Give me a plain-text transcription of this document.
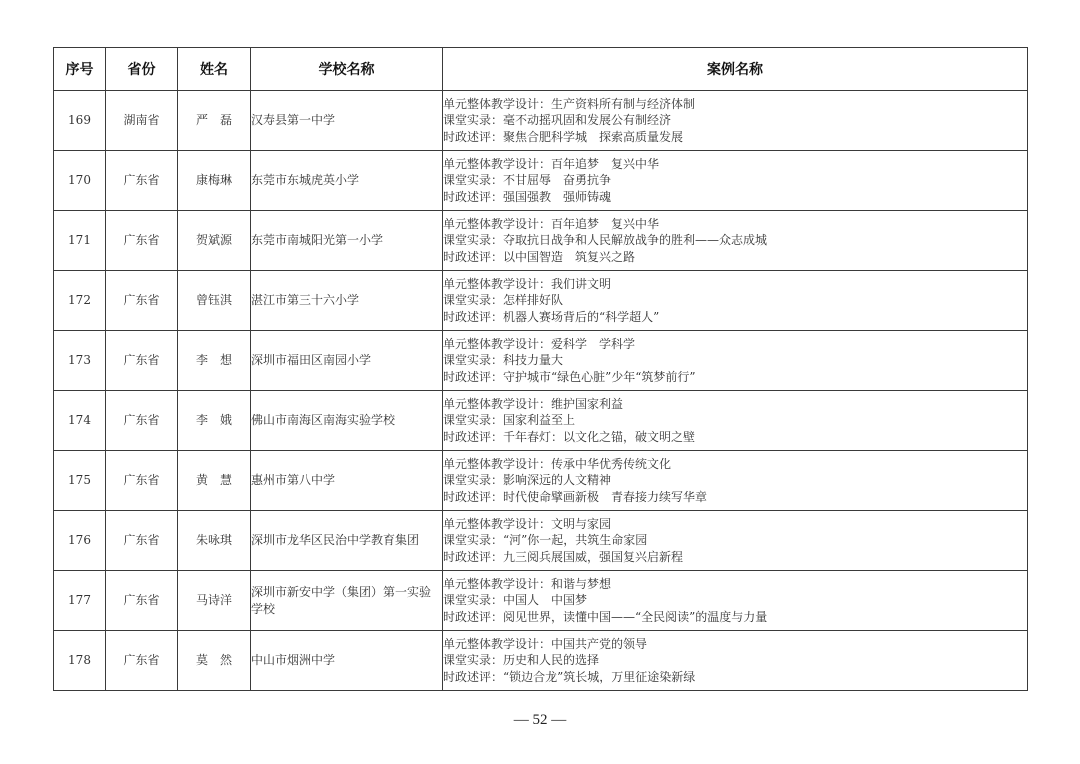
序号	省份	姓名	学校名称	案例名称
169	湖南省	严　磊	汉寿县第一中学	单元整体教学设计：生产资料所有制与经济体制
课堂实录：毫不动摇巩固和发展公有制经济
时政述评：聚焦合肥科学城　探索高质量发展

170	广东省	康梅琳	东莞市东城虎英小学	单元整体教学设计：百年追梦　复兴中华
课堂实录：不甘屈辱　奋勇抗争
时政述评：强国强教　强师铸魂

171	广东省	贺斌源	东莞市南城阳光第一小学	单元整体教学设计：百年追梦　复兴中华
课堂实录：夺取抗日战争和人民解放战争的胜利——众志成城
时政述评：以中国智造　筑复兴之路

172	广东省	曾钰淇	湛江市第三十六小学	单元整体教学设计：我们讲文明
课堂实录：怎样排好队
时政述评：机器人赛场背后的“科学超人”

173	广东省	李　想	深圳市福田区南园小学	单元整体教学设计：爱科学　学科学
课堂实录：科技力量大
时政述评：守护城市“绿色心脏”少年“筑梦前行”

174	广东省	李　娥	佛山市南海区南海实验学校	单元整体教学设计：维护国家利益
课堂实录：国家利益至上
时政述评：千年春灯：以文化之锚，破文明之壁

175	广东省	黄　慧	惠州市第八中学	单元整体教学设计：传承中华优秀传统文化
课堂实录：影响深远的人文精神
时政述评：时代使命擘画新极　青春接力续写华章

176	广东省	朱咏琪	深圳市龙华区民治中学教育集团	单元整体教学设计：文明与家园
课堂实录：“河”你一起，共筑生命家园
时政述评：九三阅兵展国威，强国复兴启新程

177	广东省	马诗洋	深圳市新安中学（集团）第一实验学校	单元整体教学设计：和谐与梦想
课堂实录：中国人　中国梦
时政述评：阅见世界，读懂中国——“全民阅读”的温度与力量

178	广东省	莫　然	中山市烟洲中学	单元整体教学设计：中国共产党的领导
课堂实录：历史和人民的选择
时政述评：“锁边合龙”筑长城，万里征途染新绿
— 52 —
